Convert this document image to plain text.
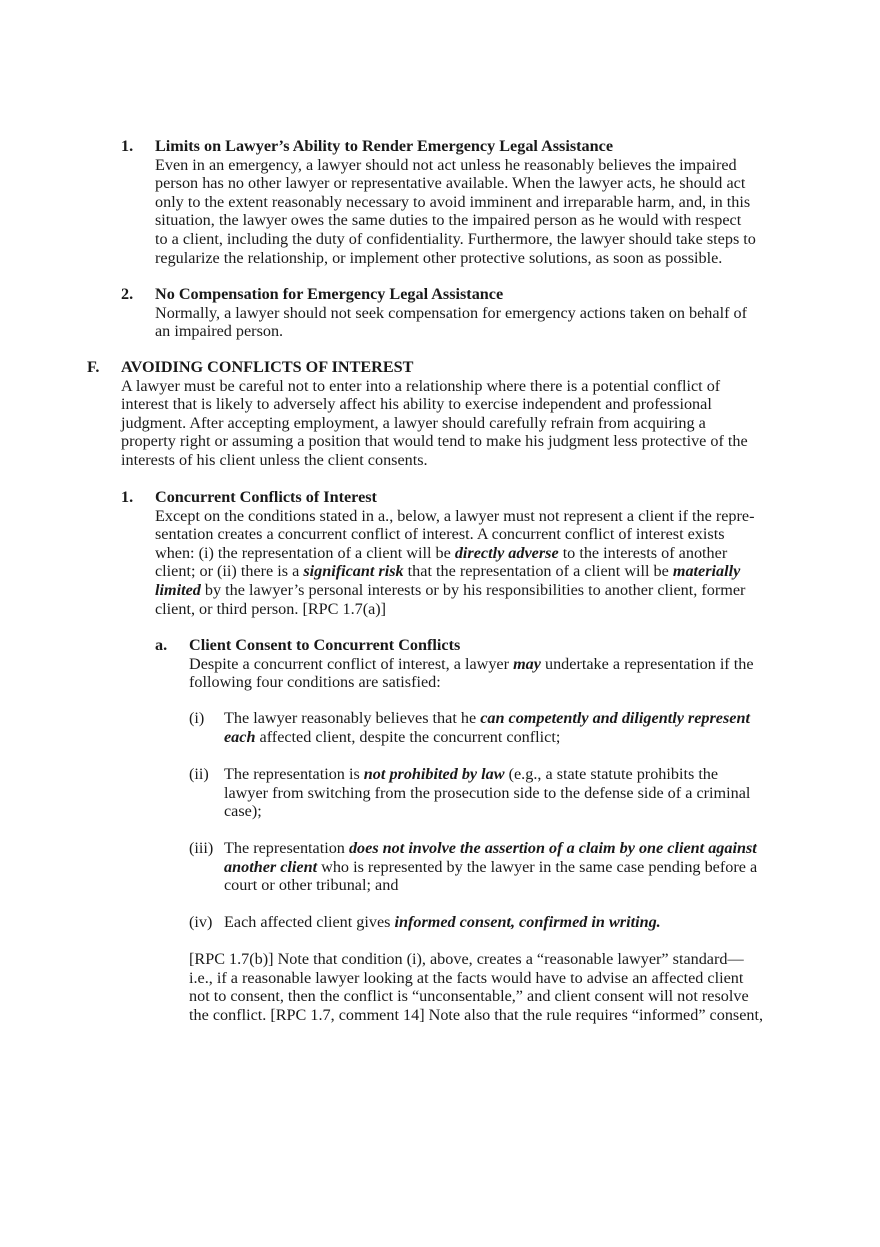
1. Limits on Lawyer’s Ability to Render Emergency Legal Assistance

Even in an emergency, a lawyer should not act unless he reasonably believes the impaired

person has no other lawyer or representative available. When the lawyer acts, he should act

only to the extent reasonably necessary to avoid imminent and irreparable harm, and, in this

situation, the lawyer owes the same duties to the impaired person as he would with respect

to a client, including the duty of confidentiality. Furthermore, the lawyer should take steps to

regularize the relationship, or implement other protective solutions, as soon as possible.

2. No Compensation for Emergency Legal Assistance

Normally, a lawyer should not seek compensation for emergency actions taken on behalf of

an impaired person.

F. AVOIDING CONFLICTS OF INTEREST

A lawyer must be careful not to enter into a relationship where there is a potential conflict of

interest that is likely to adversely affect his ability to exercise independent and professional

judgment. After accepting employment, a lawyer should carefully refrain from acquiring a

property right or assuming a position that would tend to make his judgment less protective of the

interests of his client unless the client consents.

1. Concurrent Conflicts of Interest

Except on the conditions stated in a., below, a lawyer must not represent a client if the repre-

sentation creates a concurrent conflict of interest. A concurrent conflict of interest exists

when: (i) the representation of a client will be directly adverse to the interests of another

client; or (ii) there is a significant risk that the representation of a client will be materially

limited by the lawyer’s personal interests or by his responsibilities to another client, former

client, or third person. [RPC 1.7(a)]

a. Client Consent to Concurrent Conflicts

Despite a concurrent conflict of interest, a lawyer may undertake a representation if the

following four conditions are satisfied:

(i) The lawyer reasonably believes that he can competently and diligently represent

each affected client, despite the concurrent conflict;

(ii) The representation is not prohibited by law (e.g., a state statute prohibits the

lawyer from switching from the prosecution side to the defense side of a criminal

case);

(iii) The representation does not involve the assertion of a claim by one client against

another client who is represented by the lawyer in the same case pending before a

court or other tribunal; and

(iv) Each affected client gives informed consent, confirmed in writing.

[RPC 1.7(b)] Note that condition (i), above, creates a “reasonable lawyer” standard—

i.e., if a reasonable lawyer looking at the facts would have to advise an affected client

not to consent, then the conflict is “unconsentable,” and client consent will not resolve

the conflict. [RPC 1.7, comment 14] Note also that the rule requires “informed” consent,
